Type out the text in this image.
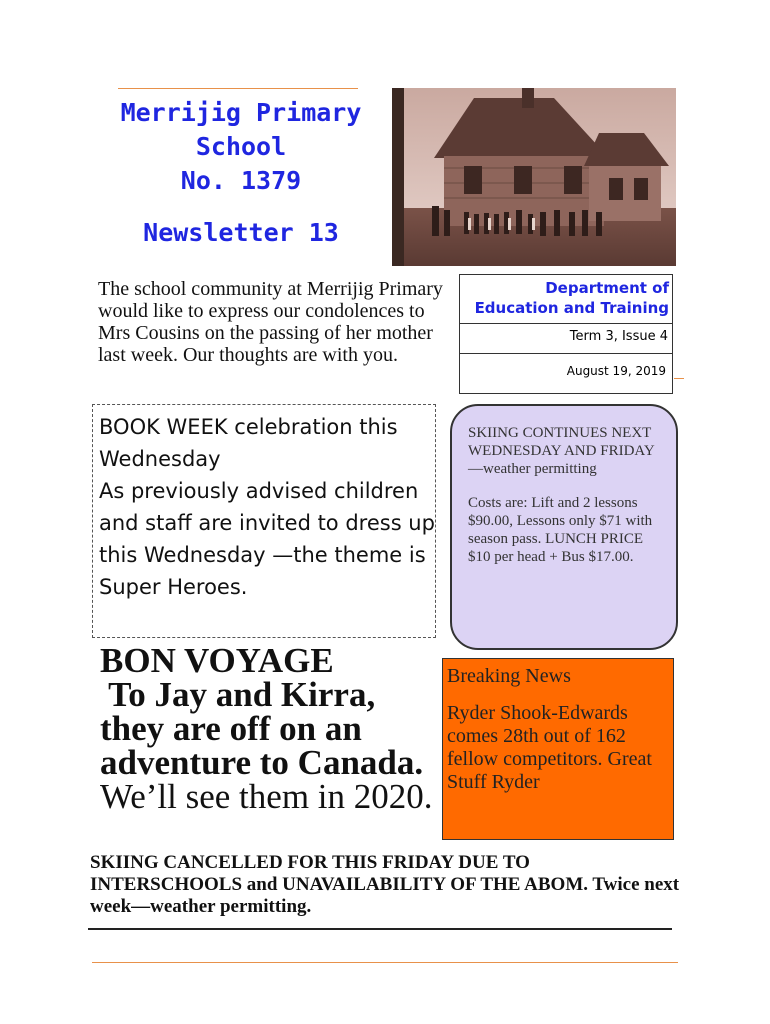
Merrijig Primary
School
No. 1379
Newsletter 13
The school community at Merrijig Primary would like to express our condolences to Mrs Cousins on the passing of her mother last week. Our thoughts are with you.
Department of
Education and Training
Term 3, Issue 4
August 19, 2019
BOOK WEEK celebration this Wednesday
As previously advised children and staff are invited to dress up this Wednesday —the theme is Super Heroes.

SKIING CONTINUES NEXT WEDNESDAY AND FRIDAY—weather permitting

Costs are: Lift and 2 lessons $90.00, Lessons only $71 with season pass. LUNCH PRICE $10 per head + Bus $17.00.

BON VOYAGE
To Jay and Kirra,
they are off on an
adventure to Canada.
We’ll see them in 2020.

Breaking News

Ryder Shook-Edwards comes 28th out of 162 fellow competitors. Great Stuff Ryder

SKIING CANCELLED FOR THIS FRIDAY DUE TO INTERSCHOOLS and UNAVAILABILITY OF THE ABOM. Twice next week—weather permitting.
